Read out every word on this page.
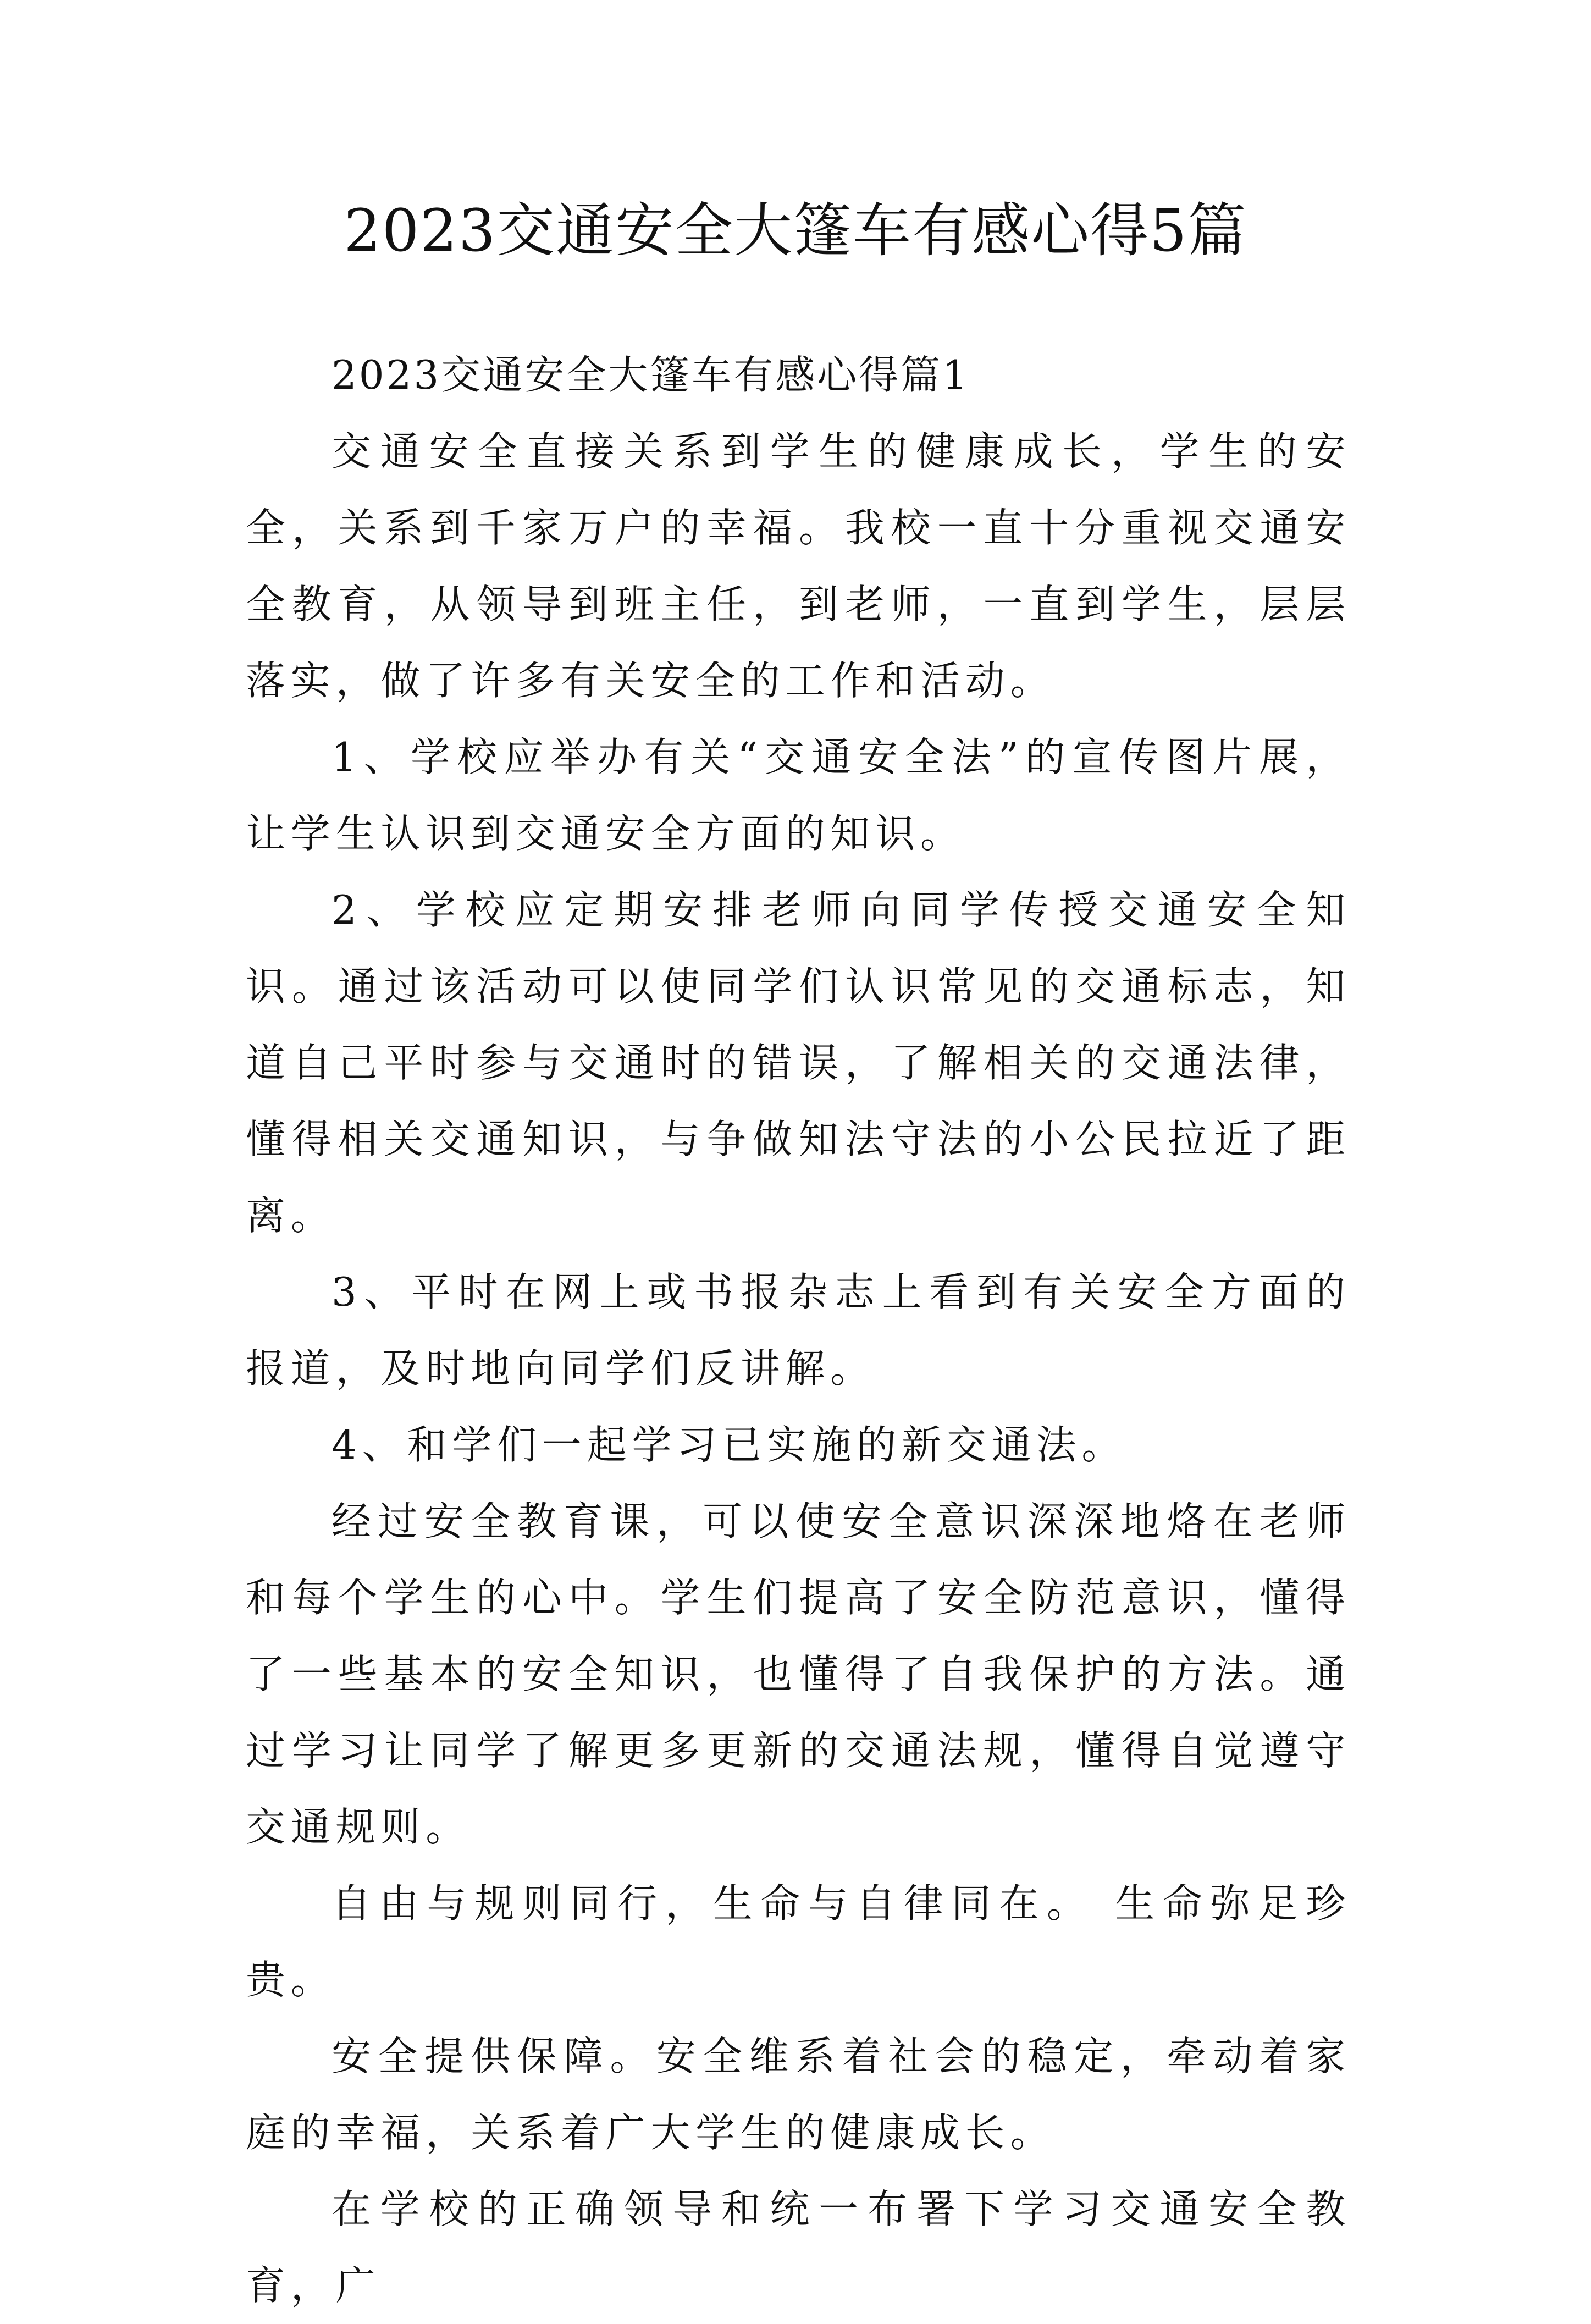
2023交通安全大篷车有感心得5篇

2023交通安全大篷车有感心得篇1

交通安全直接关系到学生的健康成长，学生的安全，关系到千家万户的幸福。我校一直十分重视交通安全教育，从领导到班主任，到老师，一直到学生，层层落实，做了许多有关安全的工作和活动。

1、学校应举办有关“交通安全法”的宣传图片展，让学生认识到交通安全方面的知识。

2、学校应定期安排老师向同学传授交通安全知识。通过该活动可以使同学们认识常见的交通标志，知道自己平时参与交通时的错误，了解相关的交通法律，懂得相关交通知识，与争做知法守法的小公民拉近了距离。

3、平时在网上或书报杂志上看到有关安全方面的报道，及时地向同学们反讲解。

4、和学们一起学习已实施的新交通法。

经过安全教育课，可以使安全意识深深地烙在老师和每个学生的心中。学生们提高了安全防范意识，懂得了一些基本的安全知识，也懂得了自我保护的方法。通过学习让同学了解更多更新的交通法规，懂得自觉遵守交通规则。

自由与规则同行，生命与自律同在。 生命弥足珍贵。

安全提供保障。安全维系着社会的稳定，牵动着家庭的幸福，关系着广大学生的健康成长。

在学校的正确领导和统一布署下学习交通安全教育，广
